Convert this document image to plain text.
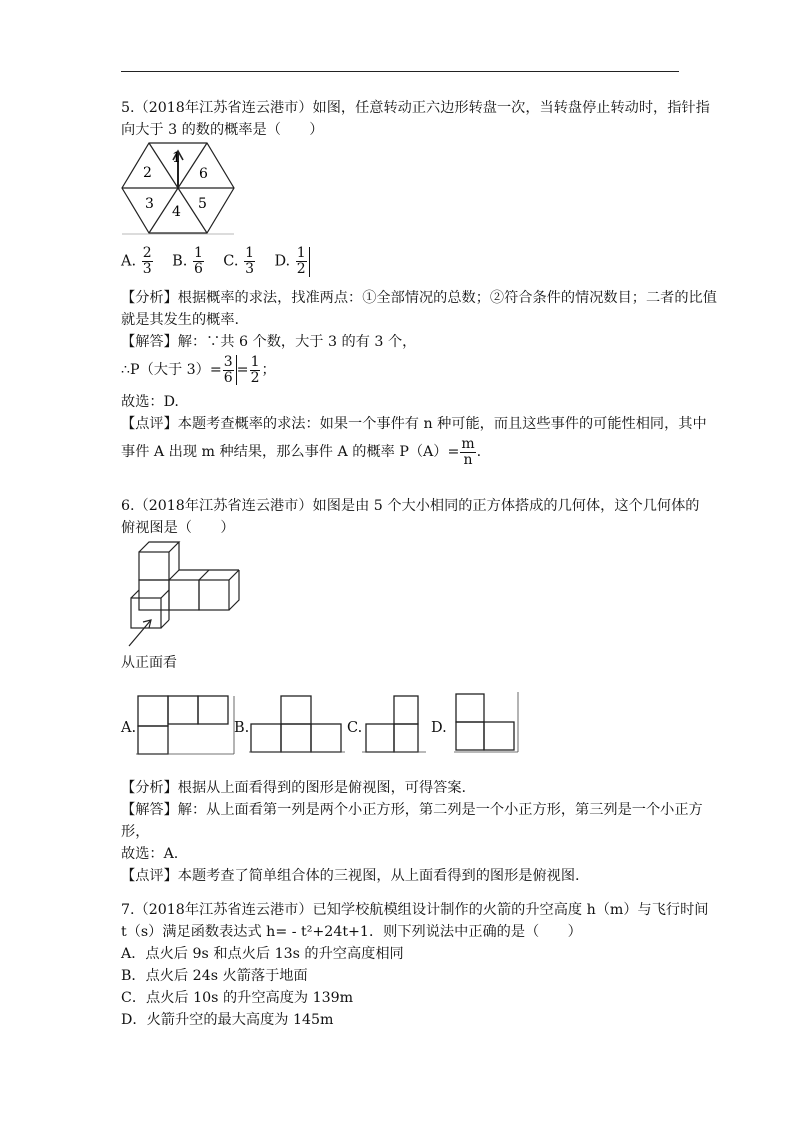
5.（2018年江苏省连云港市）如图，任意转动正六边形转盘一次，当转盘停止转动时，指针指
向大于 3 的数的概率是（　　）
1
2	6
3 4 5
A. $\frac{2}{3} B$. $\frac{1}{6} C$. $\frac{1}{3} D$. $\frac{1}{2}$
【分析】根据概率的求法，找准两点：①全部情况的总数；②符合条件的情况数目；二者的比值
就是其发生的概率.
【解答】解：∵共 6 个数，大于 3 的有 3 个，
∴P（大于 $3)= \frac{3}{6} = \frac{1}{2}$ ；
故选：D.
【点评】本题考查概率的求法：如果一个事件有 n 种可能，而且这些事件的可能性相同，其中
事件 A 出现 m 种结果，那么事件 A 的概率 $P(A)= \frac{m}{n}$ .
6.（2018年江苏省连云港市）如图是由 5 个大小相同的正方体搭成的几何体，这个几何体的
俯视图是（　　）
从正面看
A.	B.	C.	D.
【分析】根据从上面看得到的图形是俯视图，可得答案.
【解答】解：从上面看第一列是两个小正方形，第二列是一个小正方形，第三列是一个小正方
形，
故选：A.
【点评】本题考查了简单组合体的三视图，从上面看得到的图形是俯视图.
7.（2018年江苏省连云港市）已知学校航模组设计制作的火箭的升空高度 h（m）与飞行时间
t（s）满足函数表达式 h= - t²+24t+1．则下列说法中正确的是（　　）
A．点火后 9s 和点火后 13s 的升空高度相同
B．点火后 24s 火箭落于地面
C．点火后 10s 的升空高度为 139m
D．火箭升空的最大高度为 145m
